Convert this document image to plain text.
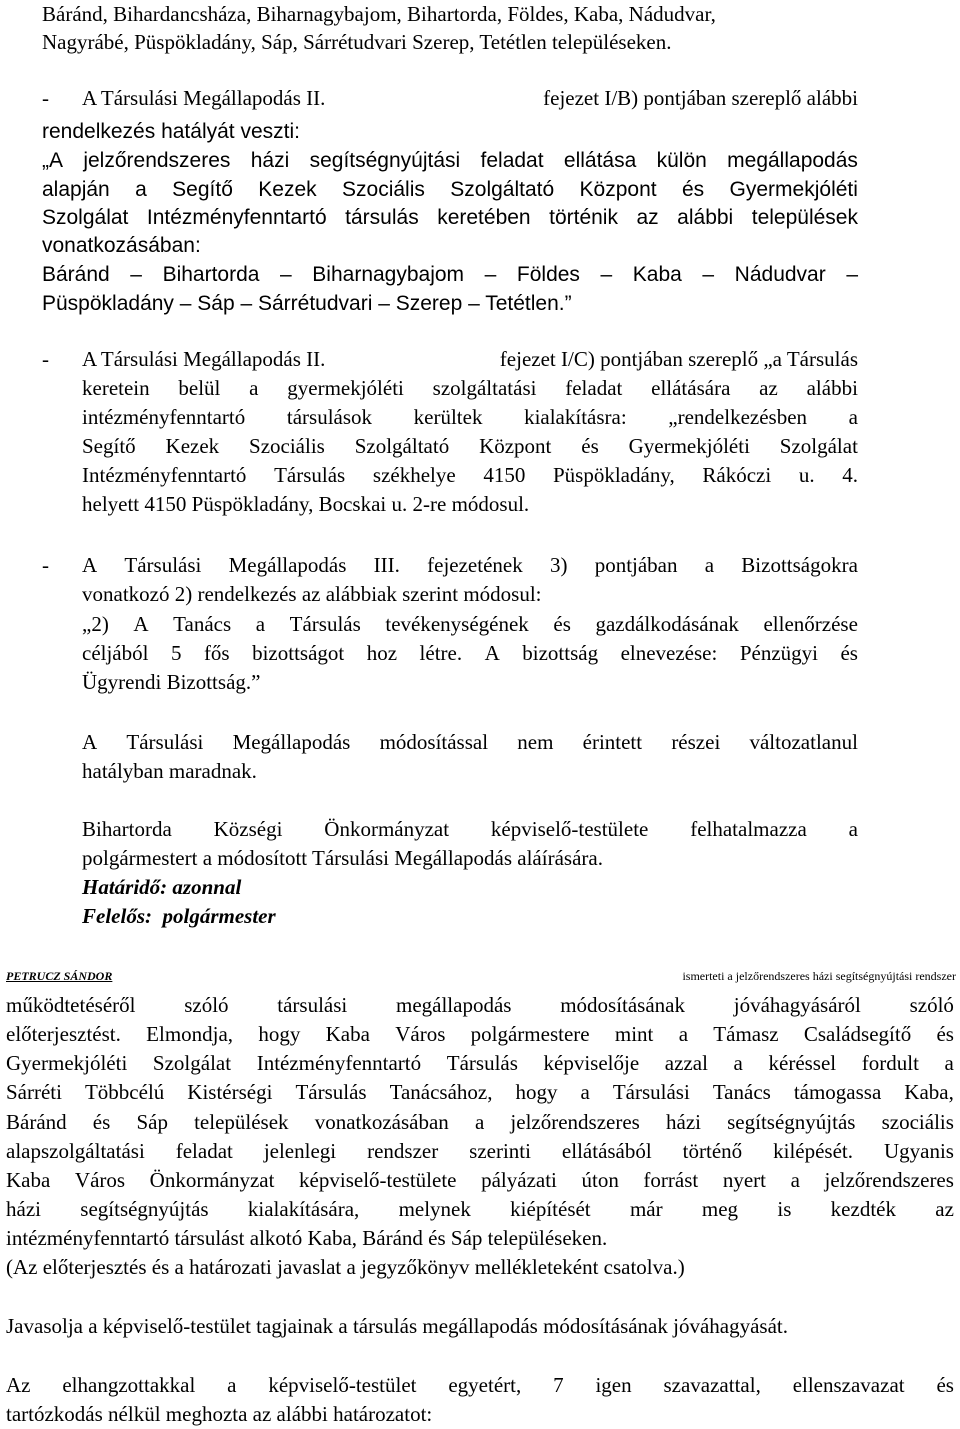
Báránd, Bihardancsháza, Biharnagybajom, Bihartorda, Földes, Kaba, Nádudvar,
Nagyrábé, Püspökladány, Sáp, Sárrétudvari Szerep, Tetétlen településeken.
- A Társulási Megállapodás II.	fejezet I/B) pontjában szereplő alábbi
rendelkezés hatályát veszti:
„A jelzőrendszeres házi segítségnyújtási feladat ellátása külön megállapodás
alapján a Segítő Kezek Szociális Szolgáltató Központ és Gyermekjóléti
Szolgálat Intézményfenntartó társulás keretében történik az alábbi települések
vonatkozásában:
Báránd – Bihartorda – Biharnagybajom – Földes – Kaba – Nádudvar –
Püspökladány – Sáp – Sárrétudvari – Szerep – Tetétlen.”
- A Társulási Megállapodás II.	fejezet I/C) pontjában szereplő „a Társulás
keretein belül a gyermekjóléti szolgáltatási feladat ellátására az alábbi
intézményfenntartó társulások kerültek kialakításra: „rendelkezésben a
Segítő Kezek Szociális Szolgáltató Központ és Gyermekjóléti Szolgálat
Intézményfenntartó Társulás székhelye 4150 Püspökladány, Rákóczi u. 4.
helyett 4150 Püspökladány, Bocskai u. 2-re módosul.
- A Társulási Megállapodás III. fejezetének 3) pontjában a Bizottságokra
vonatkozó 2) rendelkezés az alábbiak szerint módosul:
„2) A Tanács a Társulás tevékenységének és gazdálkodásának ellenőrzése
céljából 5 fős bizottságot hoz létre. A bizottság elnevezése: Pénzügyi és
Ügyrendi Bizottság.”
A Társulási Megállapodás módosítással nem érintett részei változatlanul
hatályban maradnak.
Bihartorda Községi Önkormányzat képviselő-testülete felhatalmazza a
polgármestert a módosított Társulási Megállapodás aláírására.
Határidő: azonnal
Felelős:  polgármester
PETRUCZ SÁNDOR	ismerteti a jelzőrendszeres házi segítségnyújtási rendszer
működtetéséről szóló társulási megállapodás módosításának jóváhagyásáról szóló
előterjesztést. Elmondja, hogy Kaba Város polgármestere mint a Támasz Családsegítő és
Gyermekjóléti Szolgálat Intézményfenntartó Társulás képviselője azzal a kéréssel fordult a
Sárréti Többcélú Kistérségi Társulás Tanácsához, hogy a Társulási Tanács támogassa Kaba,
Báránd és Sáp települések vonatkozásában a jelzőrendszeres házi segítségnyújtás szociális
alapszolgáltatási feladat jelenlegi rendszer szerinti ellátásából történő kilépését. Ugyanis
Kaba Város Önkormányzat képviselő-testülete pályázati úton forrást nyert a jelzőrendszeres
házi segítségnyújtás kialakítására, melynek kiépítését már meg is kezdték az
intézményfenntartó társulást alkotó Kaba, Báránd és Sáp településeken.
(Az előterjesztés és a határozati javaslat a jegyzőkönyv mellékleteként csatolva.)
Javasolja a képviselő-testület tagjainak a társulás megállapodás módosításának jóváhagyását.
Az elhangzottakkal a képviselő-testület egyetért, 7 igen szavazattal, ellenszavazat és
tartózkodás nélkül meghozta az alábbi határozatot:
